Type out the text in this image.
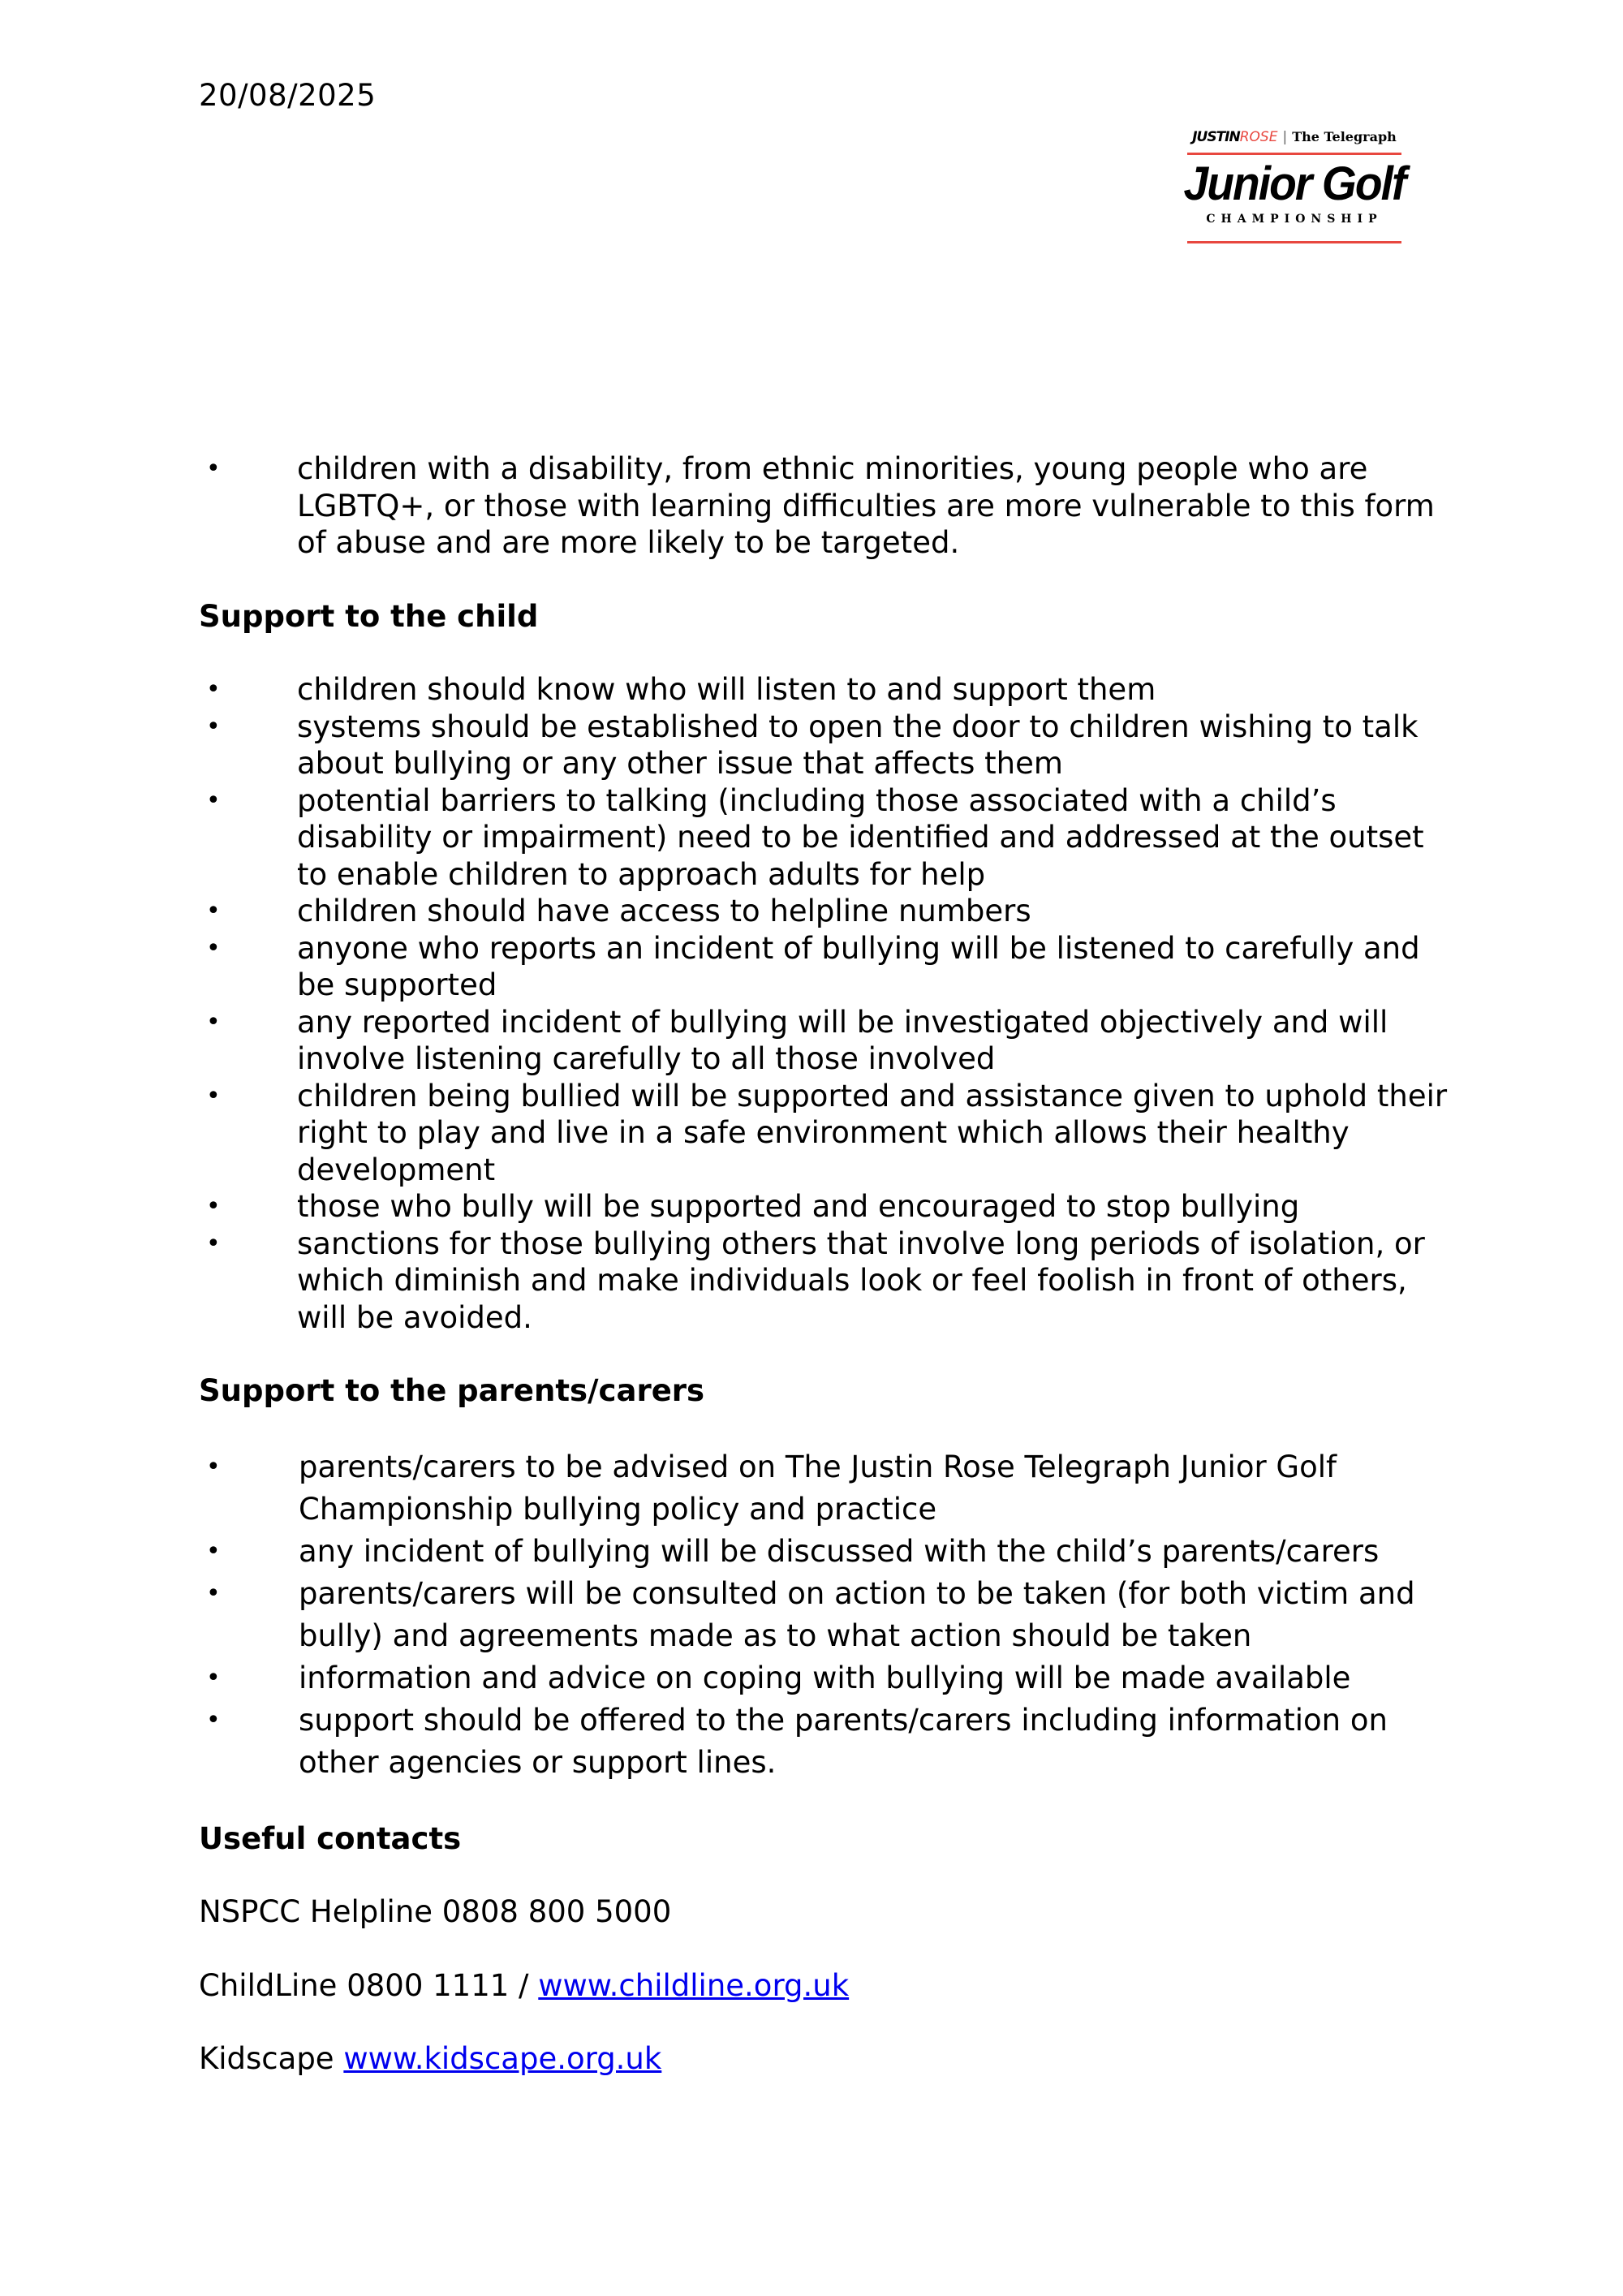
20/08/2025
JUSTINROSE | The Telegraph
Junior Golf
CHAMPIONSHIP
•	children with a disability, from ethnic minorities, young people who are LGBTQ+, or those with learning difficulties are more vulnerable to this form of abuse and are more likely to be targeted.

Support to the child

•	children should know who will listen to and support them
•	systems should be established to open the door to children wishing to talk about bullying or any other issue that affects them
•	potential barriers to talking (including those associated with a child’s disability or impairment) need to be identified and addressed at the outset to enable children to approach adults for help
•	children should have access to helpline numbers
•	anyone who reports an incident of bullying will be listened to carefully and be supported
•	any reported incident of bullying will be investigated objectively and will involve listening carefully to all those involved
•	children being bullied will be supported and assistance given to uphold their right to play and live in a safe environment which allows their healthy development
•	those who bully will be supported and encouraged to stop bullying
•	sanctions for those bullying others that involve long periods of isolation, or which diminish and make individuals look or feel foolish in front of others, will be avoided.

Support to the parents/carers

•	parents/carers to be advised on The Justin Rose Telegraph Junior Golf Championship bullying policy and practice
•	any incident of bullying will be discussed with the child’s parents/carers
•	parents/carers will be consulted on action to be taken (for both victim and bully) and agreements made as to what action should be taken
•	information and advice on coping with bullying will be made available
•	support should be offered to the parents/carers including information on other agencies or support lines.

Useful contacts

NSPCC Helpline 0808 800 5000

ChildLine 0800 1111 / www.childline.org.uk

Kidscape www.kidscape.org.uk
